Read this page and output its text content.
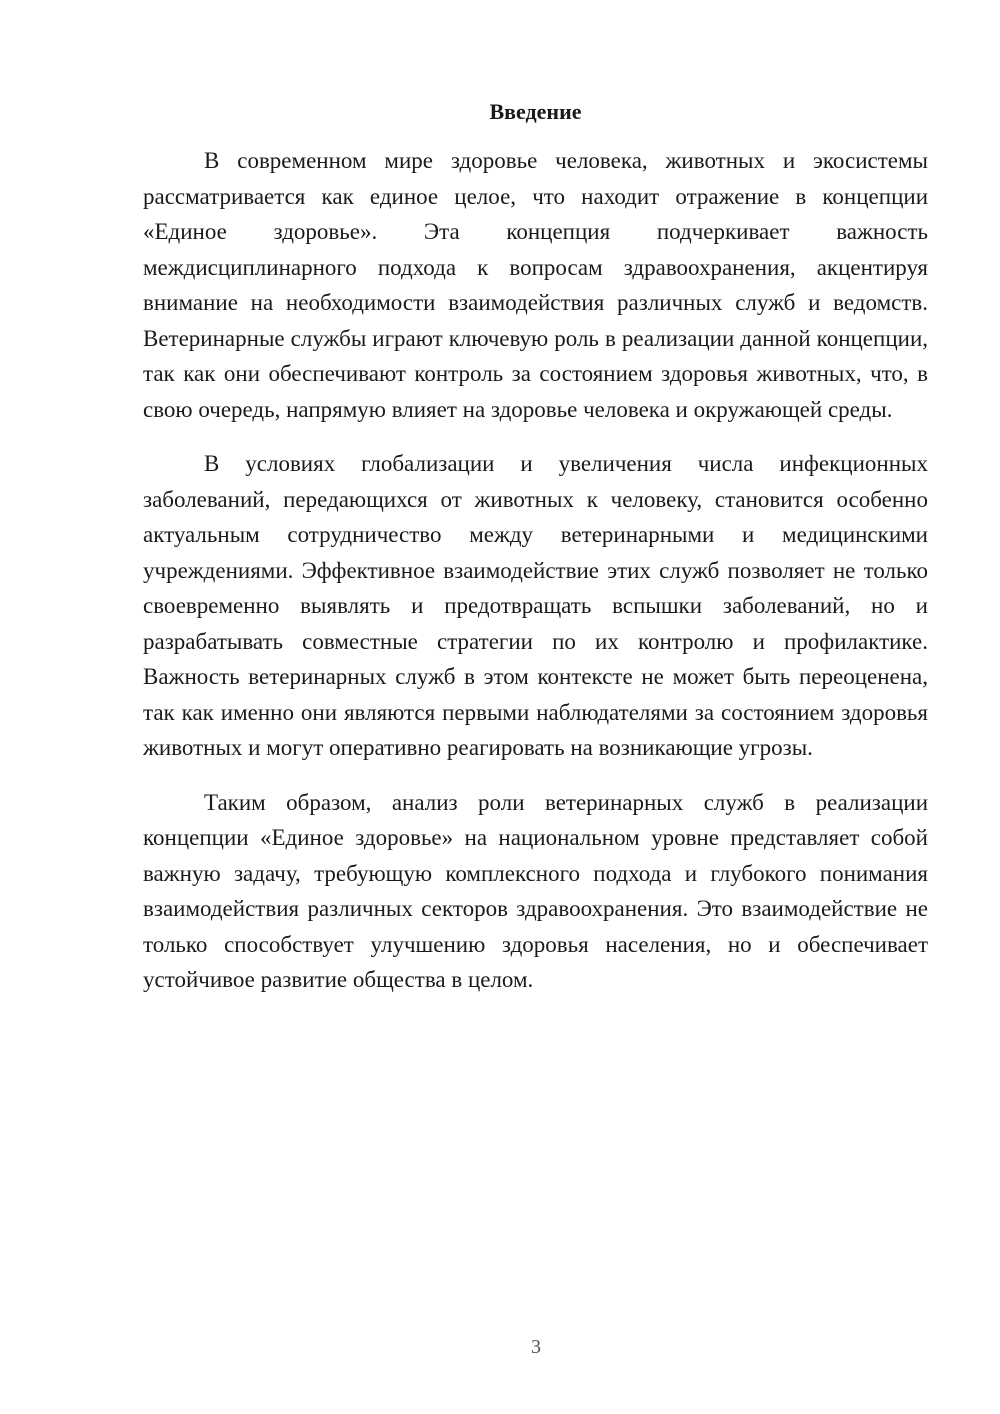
Введение

В современном мире здоровье человека, животных и экосистемы рассматривается как единое целое, что находит отражение в концепции «Единое здоровье». Эта концепция подчеркивает важность междисциплинарного подхода к вопросам здравоохранения, акцентируя внимание на необходимости взаимодействия различных служб и ведомств. Ветеринарные службы играют ключевую роль в реализации данной концепции, так как они обеспечивают контроль за состоянием здоровья животных, что, в свою очередь, напрямую влияет на здоровье человека и окружающей среды.

В условиях глобализации и увеличения числа инфекционных заболеваний, передающихся от животных к человеку, становится особенно актуальным сотрудничество между ветеринарными и медицинскими учреждениями. Эффективное взаимодействие этих служб позволяет не только своевременно выявлять и предотвращать вспышки заболеваний, но и разрабатывать совместные стратегии по их контролю и профилактике. Важность ветеринарных служб в этом контексте не может быть переоценена, так как именно они являются первыми наблюдателями за состоянием здоровья животных и могут оперативно реагировать на возникающие угрозы.

Таким образом, анализ роли ветеринарных служб в реализации концепции «Единое здоровье» на национальном уровне представляет собой важную задачу, требующую комплексного подхода и глубокого понимания взаимодействия различных секторов здравоохранения. Это взаимодействие не только способствует улучшению здоровья населения, но и обеспечивает устойчивое развитие общества в целом.

3
